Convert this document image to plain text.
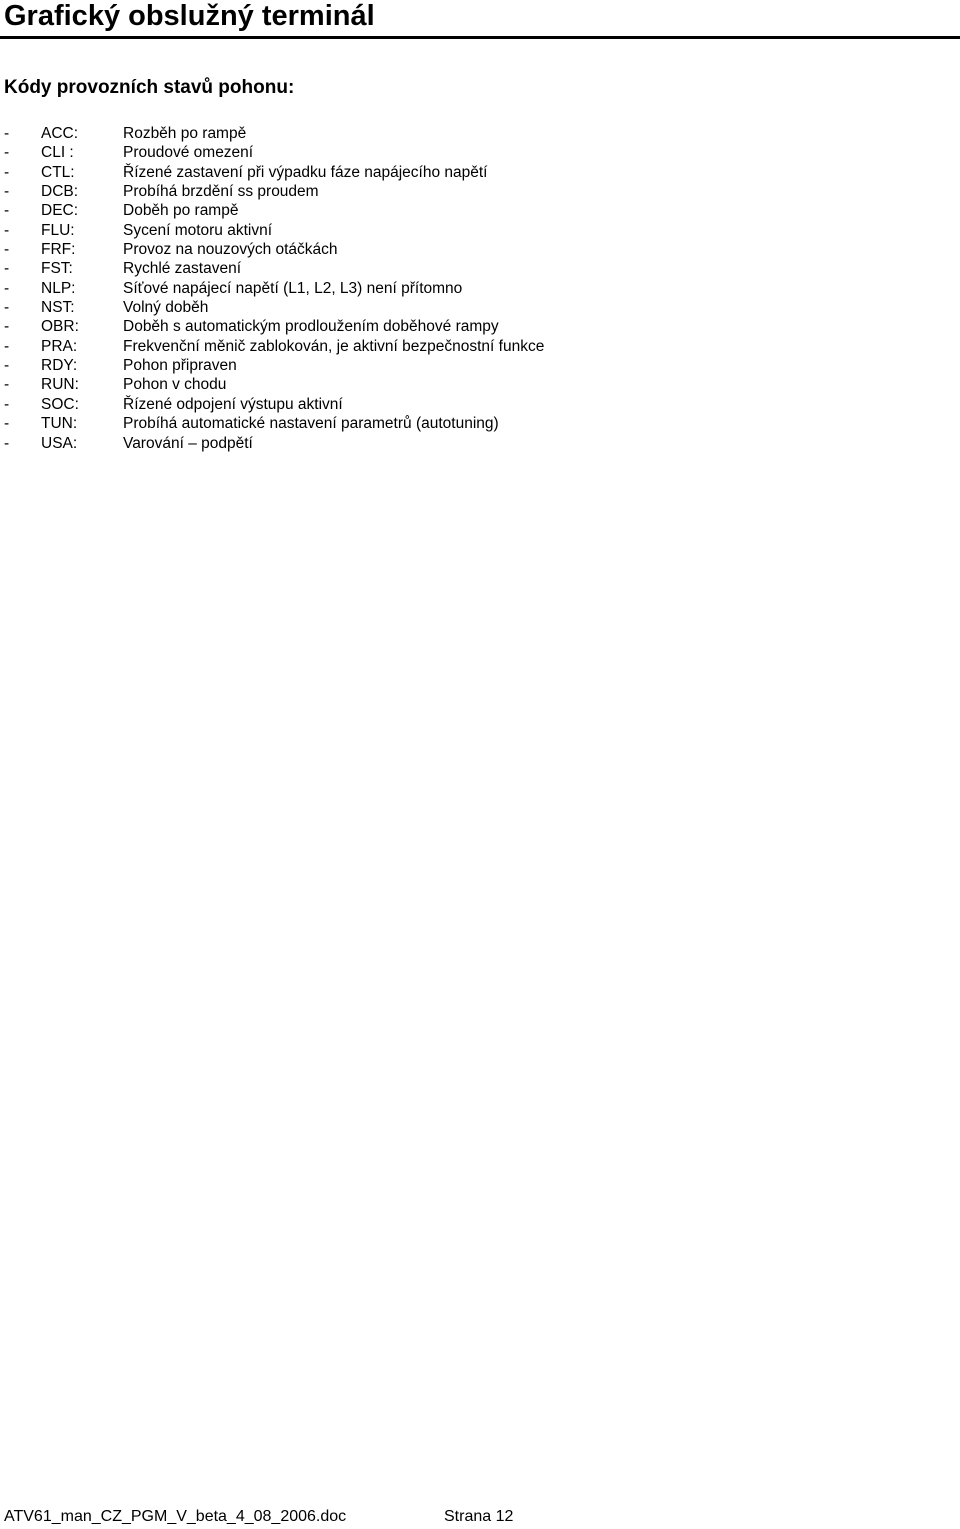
Grafický obslužný terminál
Kódy provozních stavů pohonu:
- ACC:	Rozběh po rampě
- CLI :	Proudové omezení
- CTL:	Řízené zastavení při výpadku fáze napájecího napětí
- DCB:	Probíhá brzdění ss proudem
- DEC:	Doběh po rampě
- FLU:	Sycení motoru aktivní
- FRF:	Provoz na nouzových otáčkách
- FST:	Rychlé zastavení
- NLP:	Síťové napájecí napětí (L1, L2, L3) není přítomno
- NST:	Volný doběh
- OBR:	Doběh s automatickým prodloužením doběhové rampy
- PRA:	Frekvenční měnič zablokován, je aktivní bezpečnostní funkce
- RDY:	Pohon připraven
- RUN:	Pohon v chodu
- SOC:	Řízené odpojení výstupu aktivní
- TUN:	Probíhá automatické nastavení parametrů (autotuning)
- USA:	Varování – podpětí
ATV61_man_CZ_PGM_V_beta_4_08_2006.doc	Strana 12
